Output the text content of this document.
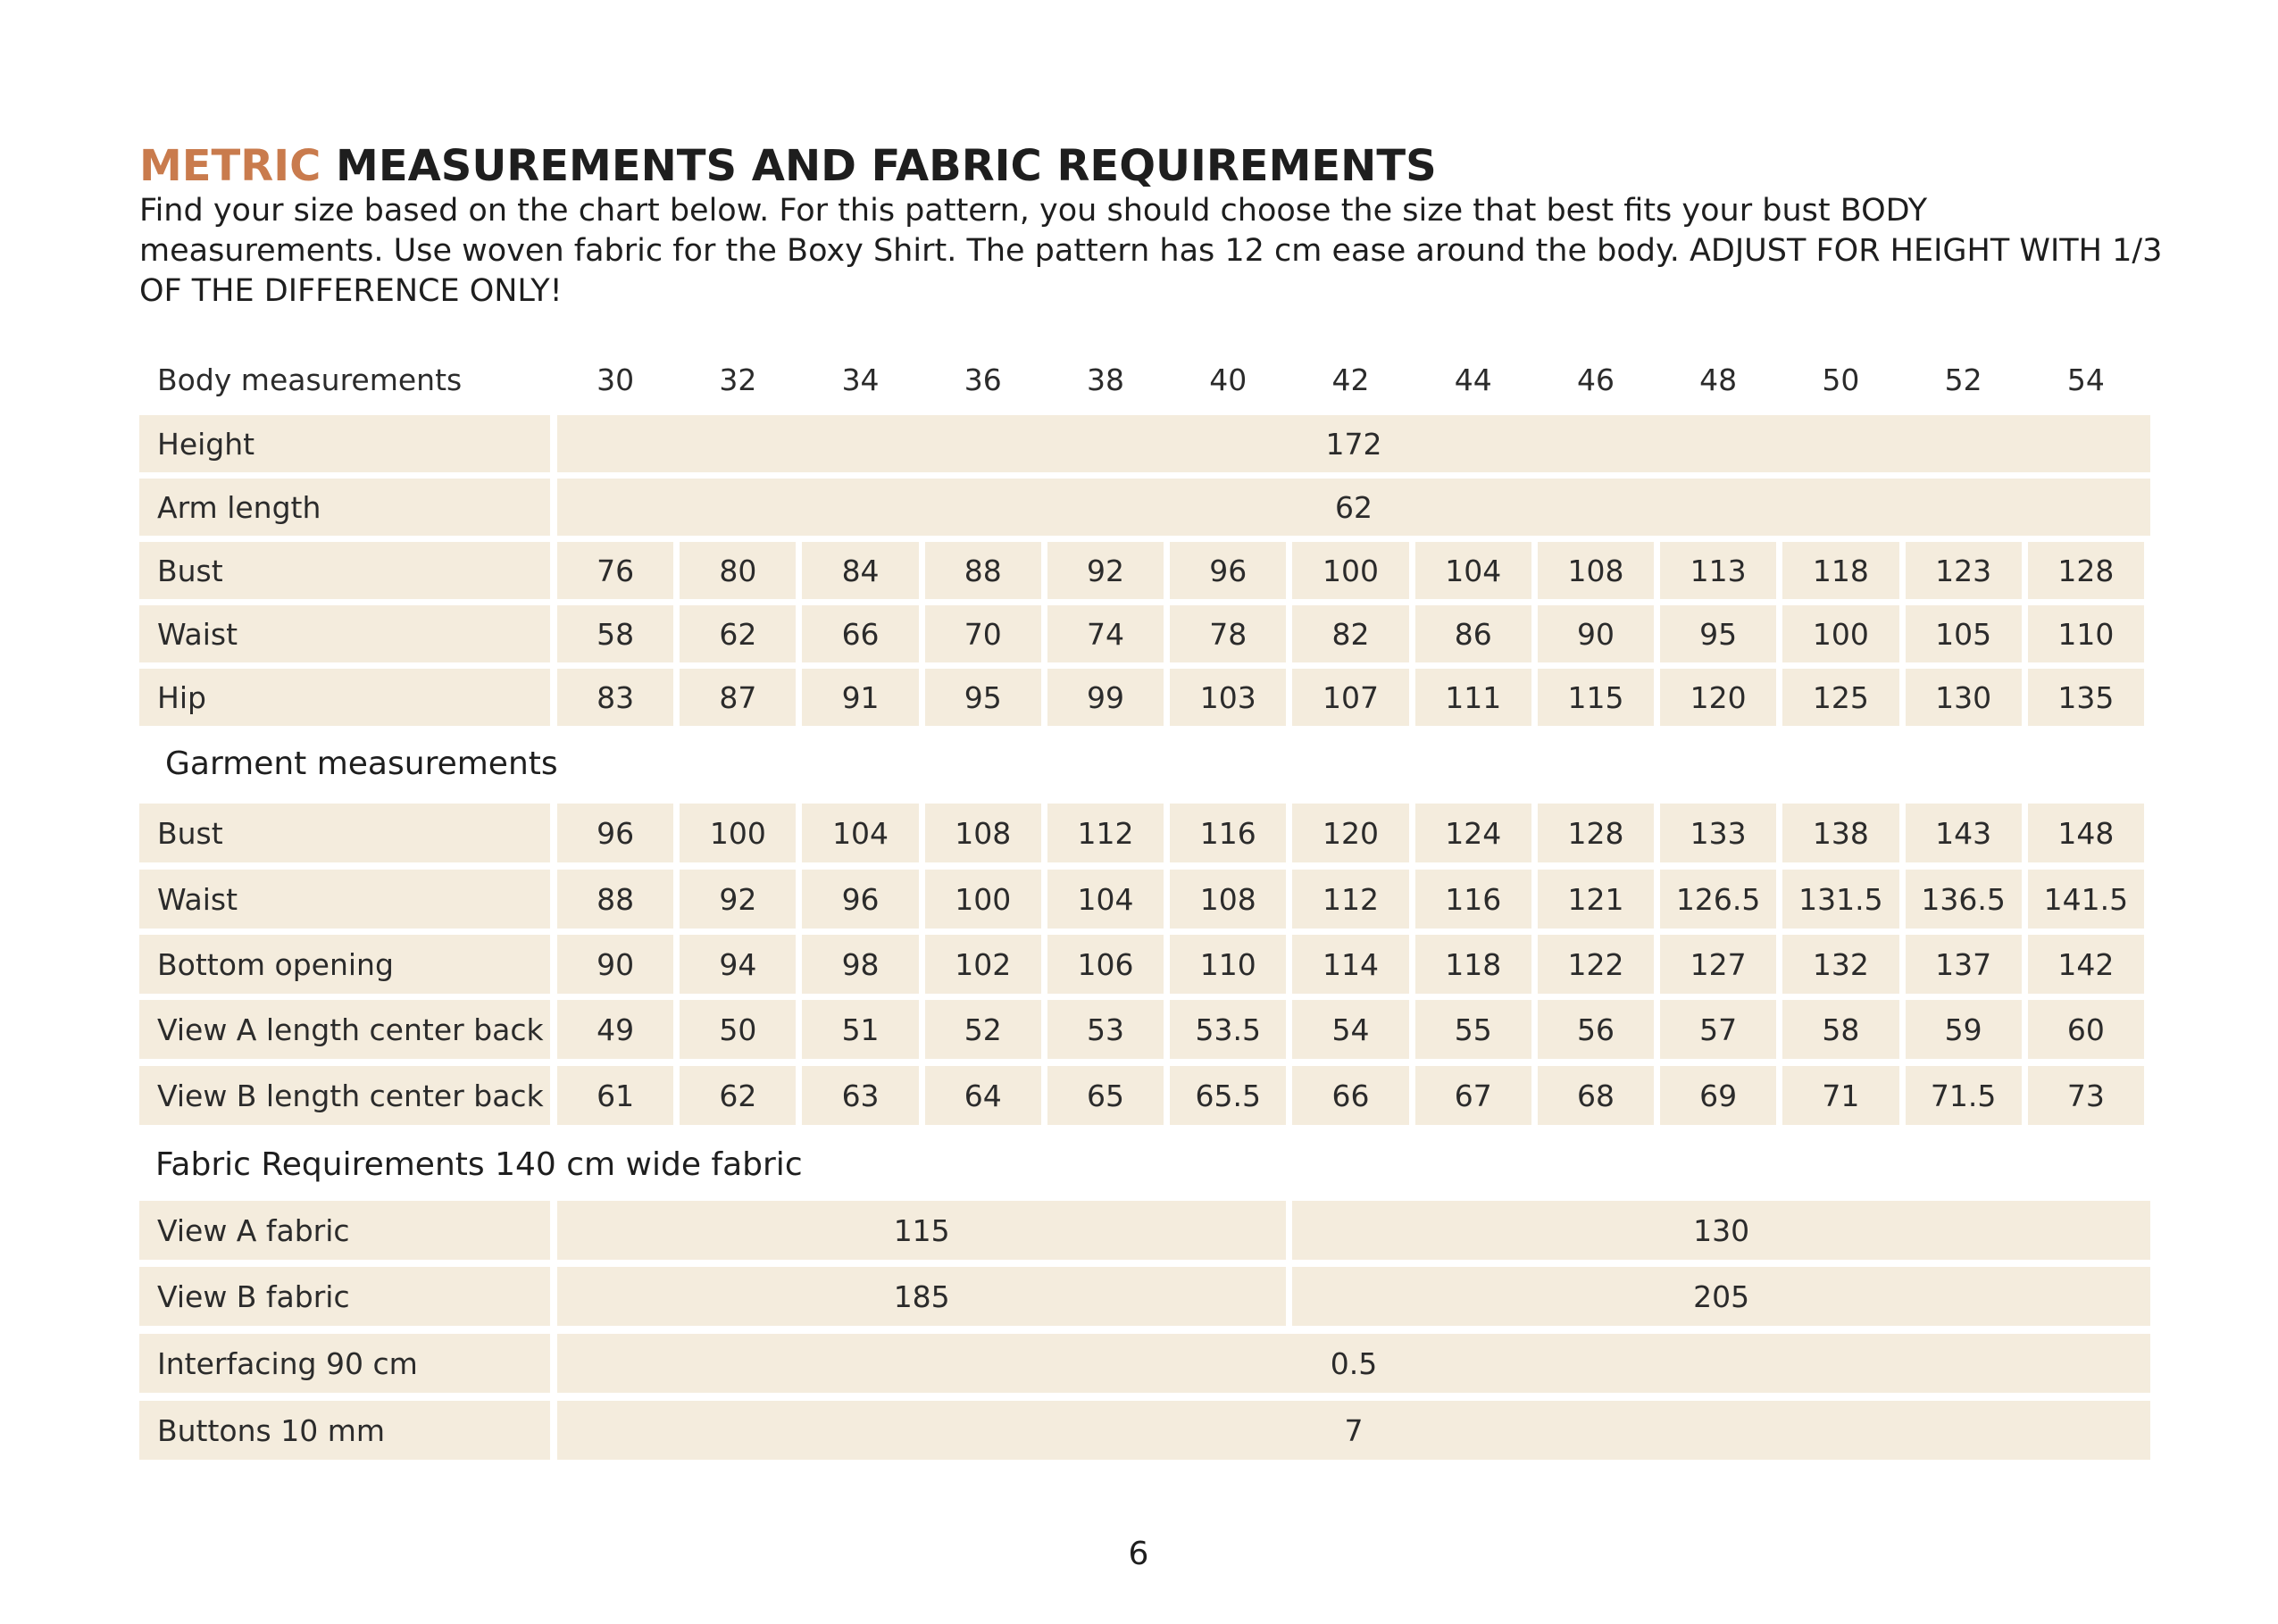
METRIC MEASUREMENTS AND FABRIC REQUIREMENTS

Find your size based on the chart below. For this pattern, you should choose the size that best fits your bust BODY measurements. Use woven fabric for the Boxy Shirt. The pattern has 12 cm ease around the body. ADJUST FOR HEIGHT WITH 1/3 OF THE DIFFERENCE ONLY!

Body measurements	30	32	34	36	38	40	42	44	46	48	50	52	54
Height	172
Arm length	62
Bust	76	80	84	88	92	96	100	104	108	113	118	123	128
Waist	58	62	66	70	74	78	82	86	90	95	100	105	110
Hip	83	87	91	95	99	103	107	111	115	120	125	130	135
Garment measurements
Bust	96	100	104	108	112	116	120	124	128	133	138	143	148
Waist	88	92	96	100	104	108	112	116	121	126.5	131.5	136.5	141.5
Bottom opening	90	94	98	102	106	110	114	118	122	127	132	137	142
View A length center back	49	50	51	52	53	53.5	54	55	56	57	58	59	60
View B length center back	61	62	63	64	65	65.5	66	67	68	69	71	71.5	73
Fabric Requirements 140 cm wide fabric
View A fabric	115	130
View B fabric	185	205
Interfacing 90 cm	0.5
Buttons 10 mm	7
6
